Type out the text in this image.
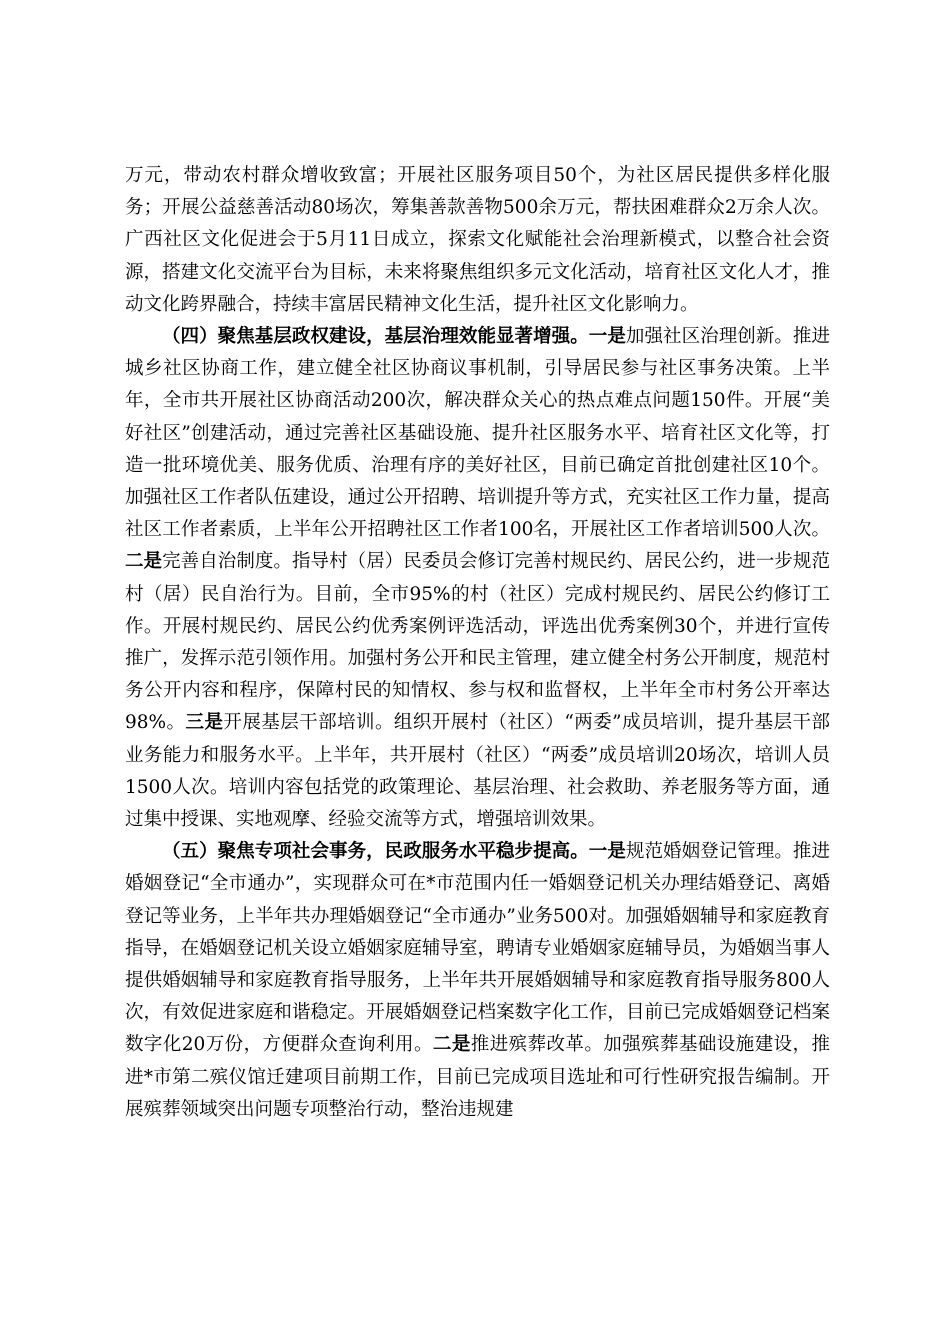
万元，带动农村群众增收致富；开展社区服务项目50个，为社区居民提供多样化服务；开展公益慈善活动80场次，筹集善款善物500余万元，帮扶困难群众2万余人次。广西社区文化促进会于5月11日成立，探索文化赋能社会治理新模式，以整合社会资源，搭建文化交流平台为目标，未来将聚焦组织多元文化活动，培育社区文化人才，推动文化跨界融合，持续丰富居民精神文化生活，提升社区文化影响力。

（四）聚焦基层政权建设，基层治理效能显著增强。一是加强社区治理创新。推进城乡社区协商工作，建立健全社区协商议事机制，引导居民参与社区事务决策。上半年，全市共开展社区协商活动200次，解决群众关心的热点难点问题150件。开展“美好社区”创建活动，通过完善社区基础设施、提升社区服务水平、培育社区文化等，打造一批环境优美、服务优质、治理有序的美好社区，目前已确定首批创建社区10个。加强社区工作者队伍建设，通过公开招聘、培训提升等方式，充实社区工作力量，提高社区工作者素质，上半年公开招聘社区工作者100名，开展社区工作者培训500人次。二是完善自治制度。指导村（居）民委员会修订完善村规民约、居民公约，进一步规范村（居）民自治行为。目前，全市95%的村（社区）完成村规民约、居民公约修订工作。开展村规民约、居民公约优秀案例评选活动，评选出优秀案例30个，并进行宣传推广，发挥示范引领作用。加强村务公开和民主管理，建立健全村务公开制度，规范村务公开内容和程序，保障村民的知情权、参与权和监督权，上半年全市村务公开率达98%。三是开展基层干部培训。组织开展村（社区）“两委”成员培训，提升基层干部业务能力和服务水平。上半年，共开展村（社区）“两委”成员培训20场次，培训人员1500人次。培训内容包括党的政策理论、基层治理、社会救助、养老服务等方面，通过集中授课、实地观摩、经验交流等方式，增强培训效果。

（五）聚焦专项社会事务，民政服务水平稳步提高。一是规范婚姻登记管理。推进婚姻登记“全市通办”，实现群众可在*市范围内任一婚姻登记机关办理结婚登记、离婚登记等业务，上半年共办理婚姻登记“全市通办”业务500对。加强婚姻辅导和家庭教育指导，在婚姻登记机关设立婚姻家庭辅导室，聘请专业婚姻家庭辅导员，为婚姻当事人提供婚姻辅导和家庭教育指导服务，上半年共开展婚姻辅导和家庭教育指导服务800人次，有效促进家庭和谐稳定。开展婚姻登记档案数字化工作，目前已完成婚姻登记档案数字化20万份，方便群众查询利用。二是推进殡葬改革。加强殡葬基础设施建设，推进*市第二殡仪馆迁建项目前期工作，目前已完成项目选址和可行性研究报告编制。开展殡葬领域突出问题专项整治行动，整治违规建
